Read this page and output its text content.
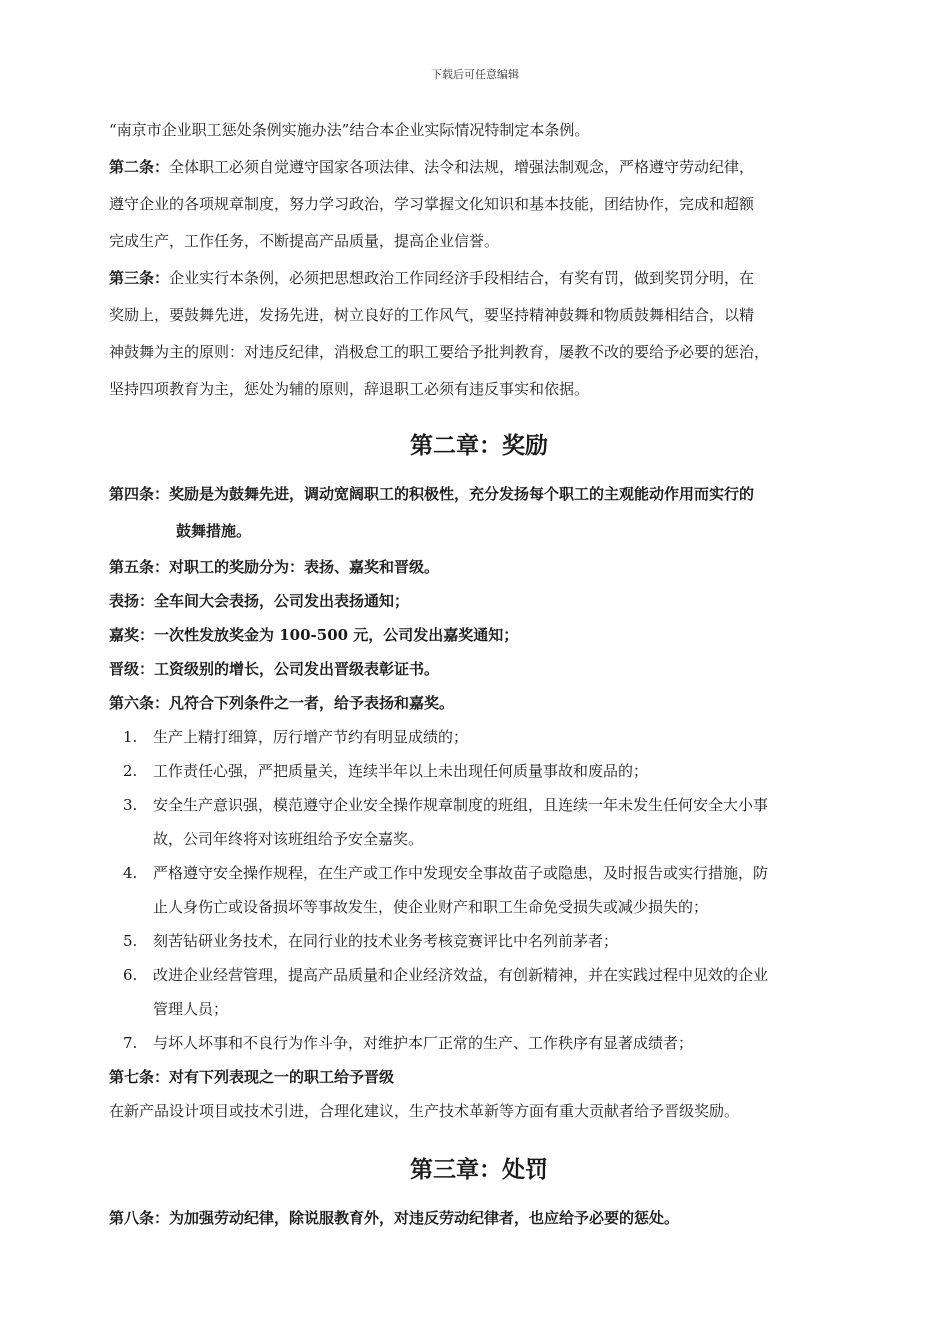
下载后可任意编辑

“南京市企业职工惩处条例实施办法”结合本企业实际情况特制定本条例。

第二条：全体职工必须自觉遵守国家各项法律、法令和法规，增强法制观念，严格遵守劳动纪律，

遵守企业的各项规章制度，努力学习政治，学习掌握文化知识和基本技能，团结协作，完成和超额

完成生产，工作任务，不断提高产品质量，提高企业信誉。

第三条：企业实行本条例，必须把思想政治工作同经济手段相结合，有奖有罚，做到奖罚分明，在

奖励上，要鼓舞先进，发扬先进，树立良好的工作风气，要坚持精神鼓舞和物质鼓舞相结合，以精

神鼓舞为主的原则：对违反纪律，消极怠工的职工要给予批判教育，屡教不改的要给予必要的惩治，

坚持四项教育为主，惩处为辅的原则，辞退职工必须有违反事实和依据。

第二章：奖励

第四条：奖励是为鼓舞先进，调动宽阔职工的积极性，充分发扬每个职工的主观能动作用而实行的

鼓舞措施。

第五条：对职工的奖励分为：表扬、嘉奖和晋级。

表扬：全车间大会表扬，公司发出表扬通知；

嘉奖：一次性发放奖金为 100-500 元，公司发出嘉奖通知；

晋级：工资级别的增长，公司发出晋级表彰证书。

第六条：凡符合下列条件之一者，给予表扬和嘉奖。

1. 生产上精打细算，厉行增产节约有明显成绩的；
2. 工作责任心强，严把质量关，连续半年以上未出现任何质量事故和废品的；
3. 安全生产意识强，模范遵守企业安全操作规章制度的班组，且连续一年未发生任何安全大小事
故，公司年终将对该班组给予安全嘉奖。
4. 严格遵守安全操作规程，在生产或工作中发现安全事故苗子或隐患，及时报告或实行措施，防
止人身伤亡或设备损坏等事故发生，使企业财产和职工生命免受损失或减少损失的；
5. 刻苦钻研业务技术，在同行业的技术业务考核竞赛评比中名列前茅者；
6. 改进企业经营管理，提高产品质量和企业经济效益，有创新精神，并在实践过程中见效的企业
管理人员；
7. 与坏人坏事和不良行为作斗争，对维护本厂正常的生产、工作秩序有显著成绩者；

第七条：对有下列表现之一的职工给予晋级

在新产品设计项目或技术引进，合理化建议，生产技术革新等方面有重大贡献者给予晋级奖励。

第三章：处罚

第八条：为加强劳动纪律，除说服教育外，对违反劳动纪律者，也应给予必要的惩处。
